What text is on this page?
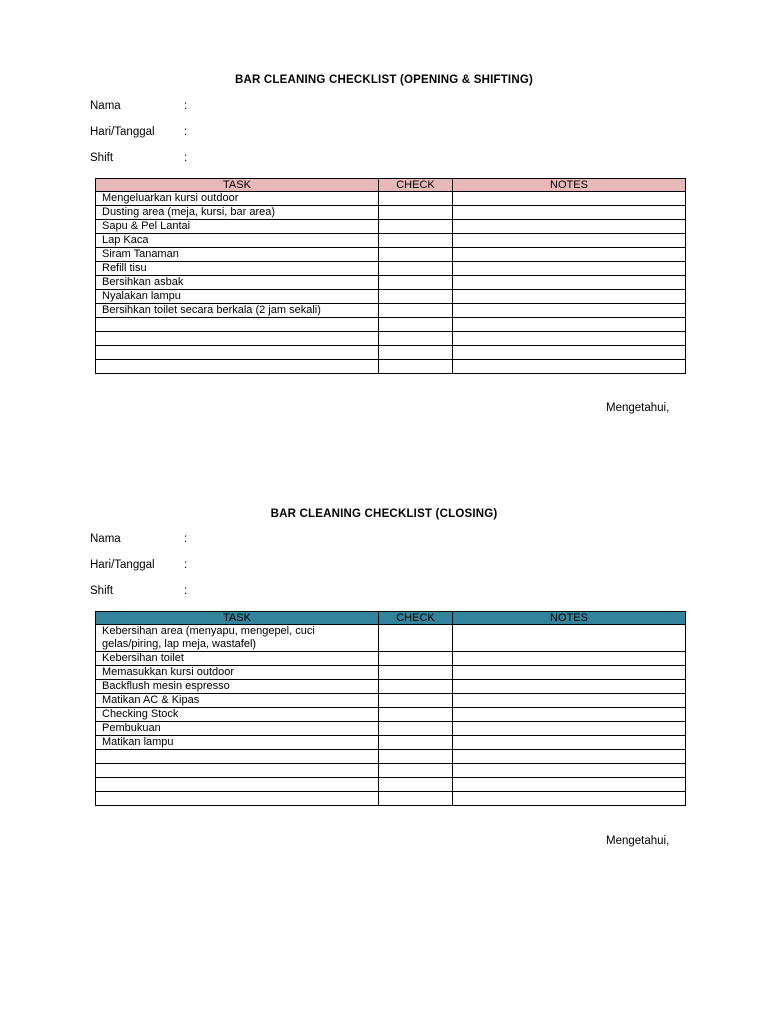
BAR CLEANING CHECKLIST (OPENING & SHIFTING)
Nama	:
Hari/Tanggal	:
Shift	:
TASK	CHECK	NOTES
Mengeluarkan kursi outdoor		
Dusting area (meja, kursi, bar area)		
Sapu & Pel Lantai		
Lap Kaca		
Siram Tanaman		
Refill tisu		
Bersihkan asbak		
Nyalakan lampu		
Bersihkan toilet secara berkala (2 jam sekali)		

Mengetahui,
BAR CLEANING CHECKLIST (CLOSING)
Nama	:
Hari/Tanggal	:
Shift	:
TASK	CHECK	NOTES
Kebersihan area (menyapu, mengepel, cuci gelas/piring, lap meja, wastafel)		
Kebersihan toilet		
Memasukkan kursi outdoor		
Backflush mesin espresso		
Matikan AC & Kipas		
Checking Stock		
Pembukuan		
Matikan lampu		

Mengetahui,
